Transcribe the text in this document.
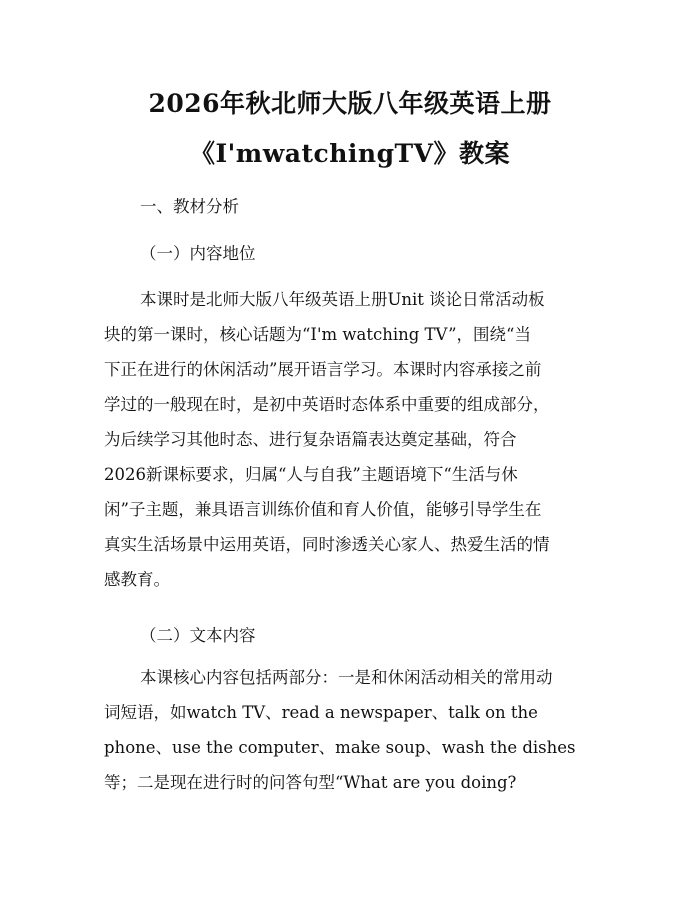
2026年秋北师大版八年级英语上册
《I'mwatchingTV》教案
一、教材分析
（一）内容地位
本课时是北师大版八年级英语上册Unit 谈论日常活动板
块的第一课时，核心话题为“I'm watching TV”，围绕“当
下正在进行的休闲活动”展开语言学习。本课时内容承接之前
学过的一般现在时，是初中英语时态体系中重要的组成部分，
为后续学习其他时态、进行复杂语篇表达奠定基础，符合
2026新课标要求，归属“人与自我”主题语境下“生活与休
闲”子主题，兼具语言训练价值和育人价值，能够引导学生在
真实生活场景中运用英语，同时渗透关心家人、热爱生活的情
感教育。
（二）文本内容
本课核心内容包括两部分：一是和休闲活动相关的常用动
词短语，如watch TV、read a newspaper、talk on the
phone、use the computer、make soup、wash the dishes
等；二是现在进行时的问答句型“What are you doing?
